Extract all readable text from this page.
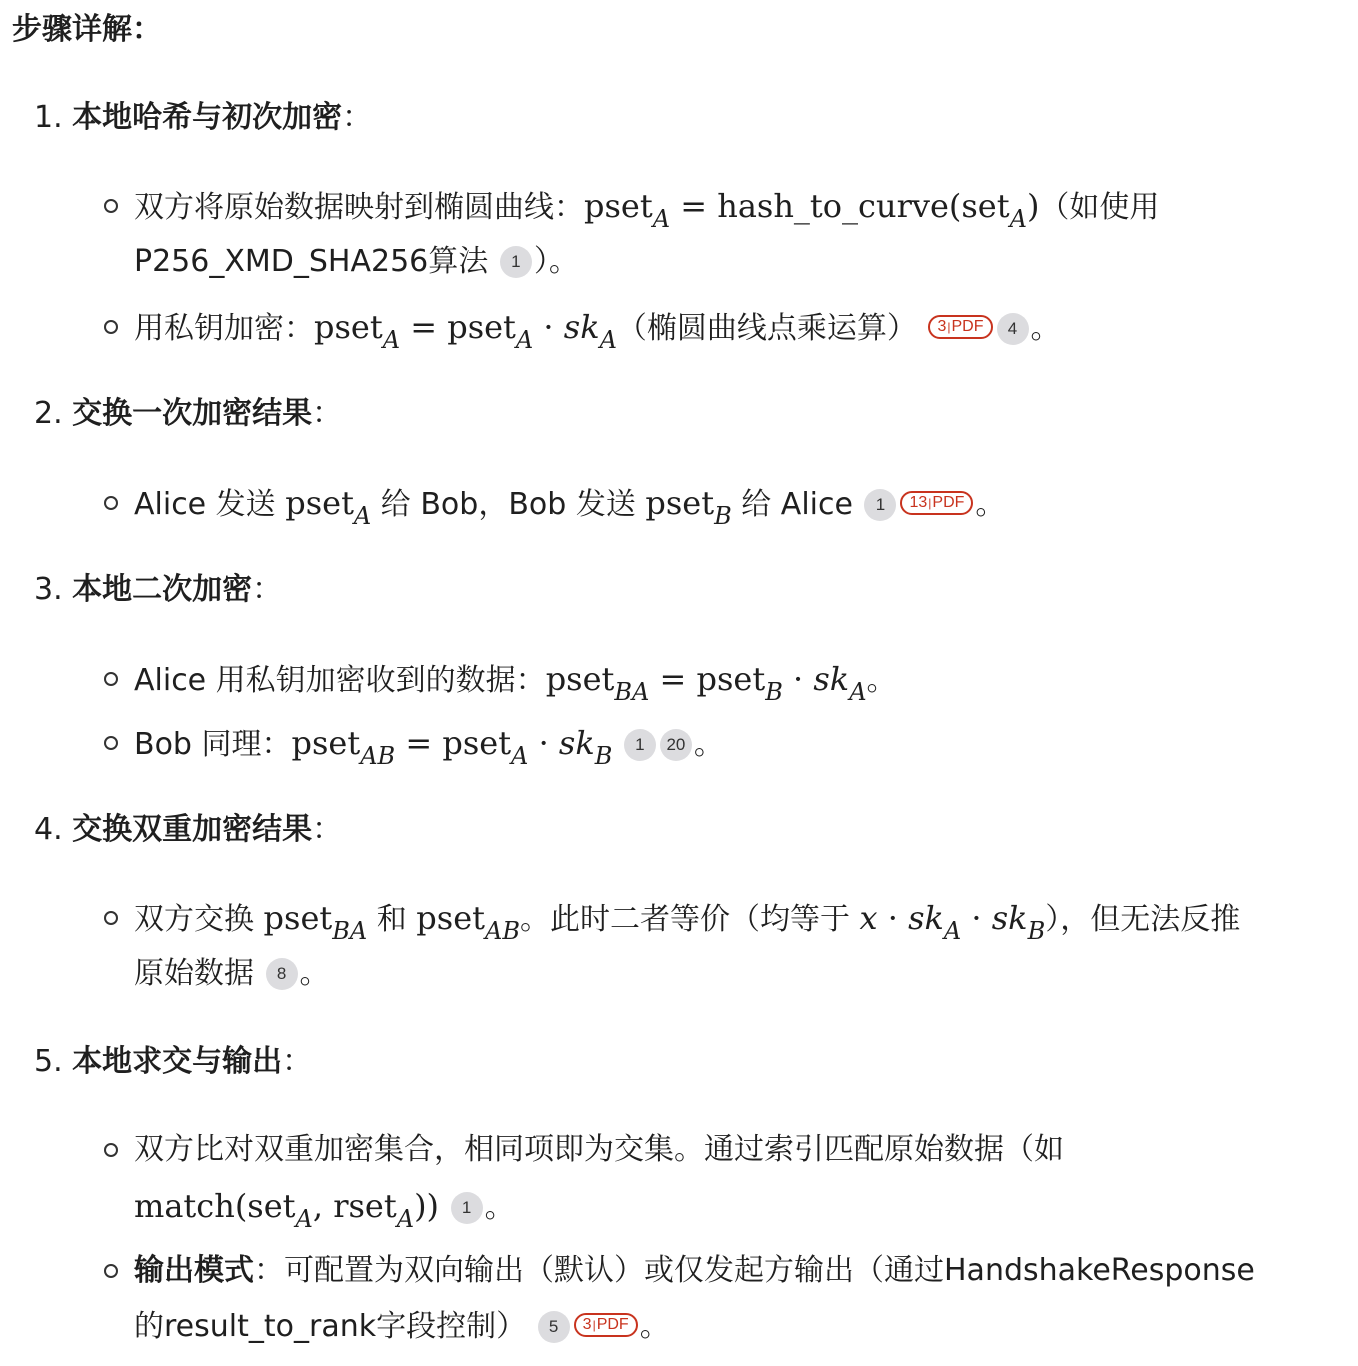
步骤详解：
1. 本地哈希与初次加密：
双方将原始数据映射到椭圆曲线：pset$_A$ = hash_to_curve(set$_A$)（如使用
P256_XMD_SHA256算法 1 ）。
用私钥加密：pset$_A$ = pset$_A$ · $sk_A$（椭圆曲线点乘运算） 3|PDF 4 。
2. 交换一次加密结果：
Alice 发送 pset$_A$ 给 Bob，Bob 发送 pset$_B$ 给 Alice 1 13|PDF 。
3. 本地二次加密：
Alice 用私钥加密收到的数据：pset$_{BA}$ = pset$_B$ · $sk_A$。
Bob 同理：pset$_{AB}$ = pset$_A$ · $sk_B$ 1 20 。
4. 交换双重加密结果：
双方交换 pset$_{BA}$ 和 pset$_{AB}$。此时二者等价（均等于 $x \cdot sk_A \cdot sk_B$），但无法反推
原始数据 8 。
5. 本地求交与输出：
双方比对双重加密集合，相同项即为交集。通过索引匹配原始数据（如
match(set$_A$, rset$_A$)) 1 。
输出模式：可配置为双向输出（默认）或仅发起方输出（通过HandshakeResponse
的result_to_rank字段控制） 5 3|PDF 。
